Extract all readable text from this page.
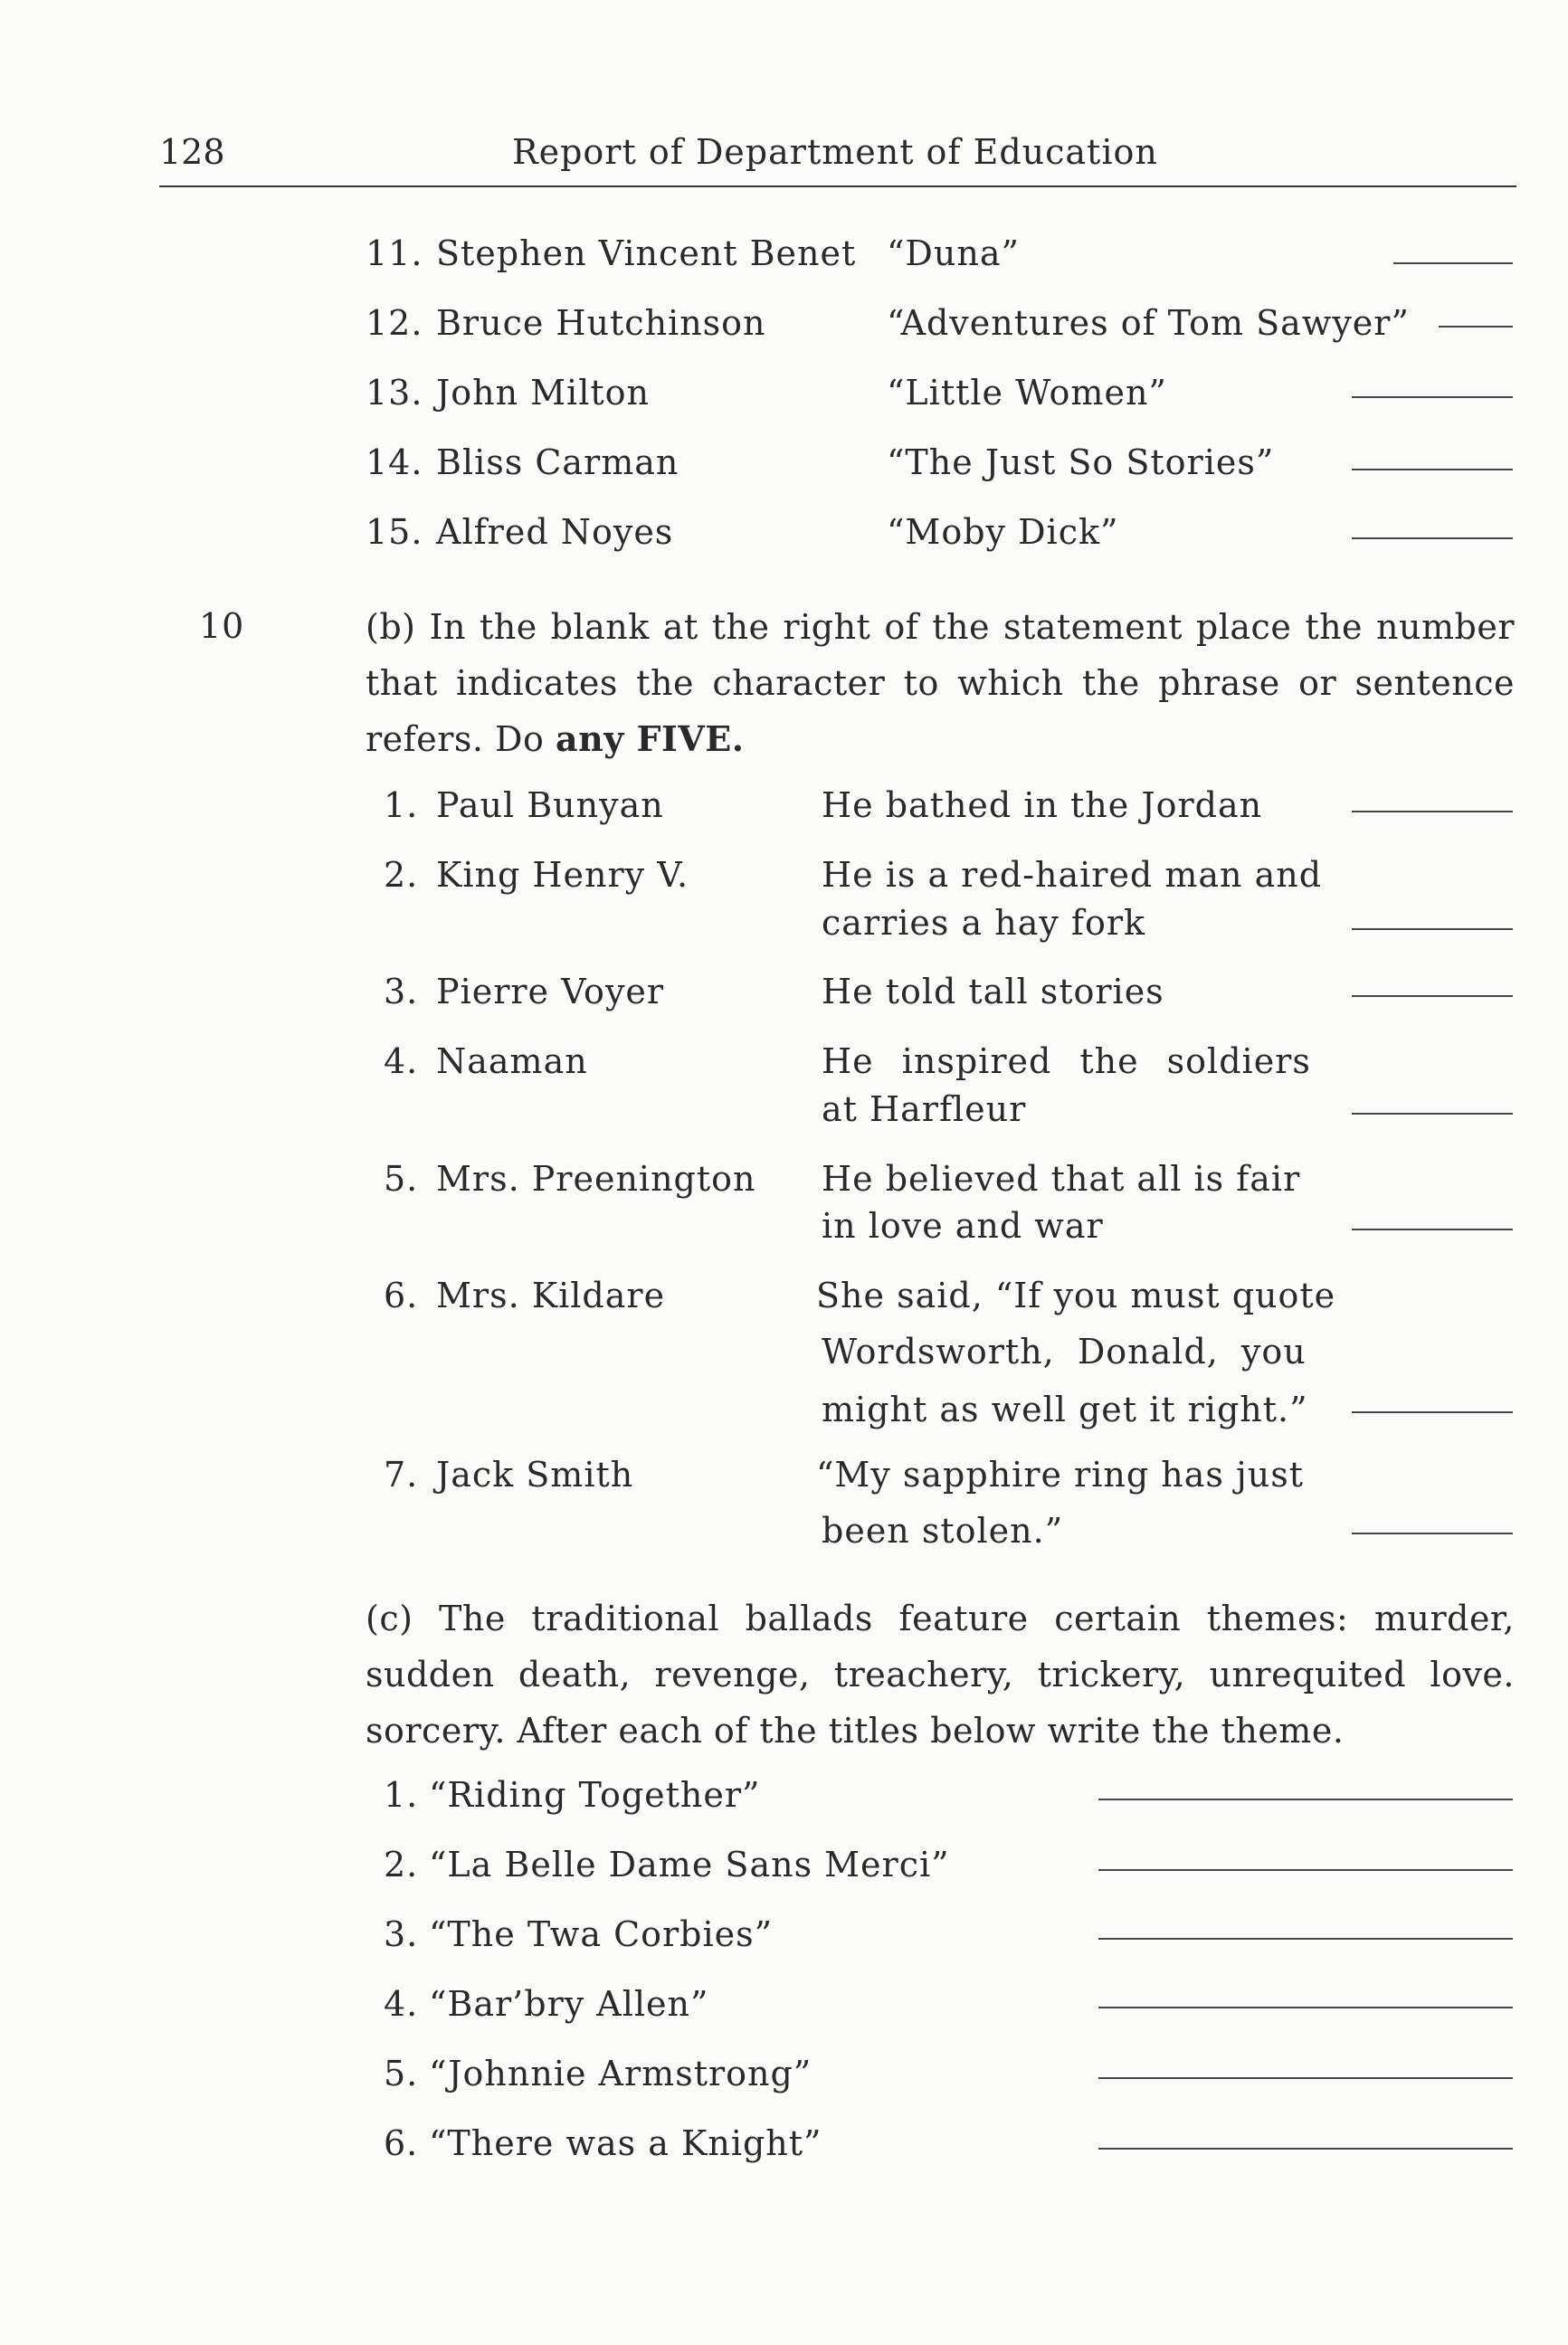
128	Report of Department of Education
11. Stephen Vincent Benet “Duna”
12. Bruce Hutchinson	“Adventures of Tom Sawyer”
13. John Milton	“Little Women”
14. Bliss Carman	“The Just So Stories”
15. Alfred Noyes	“Moby Dick”
10	(b) In the blank at the right of the statement place the number
that indicates the character to which the phrase or sentence
refers. Do any FIVE.
1. Paul Bunyan	He bathed in the Jordan
2. King Henry V.	He is a red-haired man and
carries a hay fork
3. Pierre Voyer	He told tall stories
4. Naaman	He inspired the soldiers
at Harfleur
5. Mrs. Preenington He believed that all is fair
in love and war
6. Mrs. Kildare	She said, “If you must quote
Wordsworth, Donald, you
might as well get it right.”
7. Jack Smith	“My sapphire ring has just
been stolen.”
(c) The traditional ballads feature certain themes: murder,
sudden death, revenge, treachery, trickery, unrequited love.
sorcery. After each of the titles below write the theme.
1. “Riding Together”
2. “La Belle Dame Sans Merci”
3. “The Twa Corbies”
4. “Bar’bry Allen”
5. “Johnnie Armstrong”
6. “There was a Knight”
